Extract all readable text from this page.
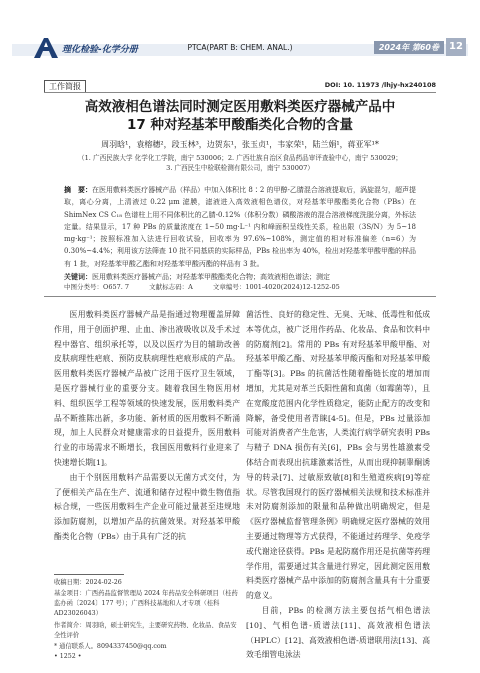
理化检验-化学分册	PTCA(PART B: CHEM. ANAL.)	2024年 第60卷	12
工作简报	DOI: 10. 11973 /lhjy-hx240108
高效液相色谱法同时测定医用敷料类医疗器械产品中
17 种对羟基苯甲酸酯类化合物的含量
周羽晗¹，袁榕穗²，段玉林³，边贺东¹，张玉贞¹，韦家荣¹，陆兰娟¹，蒋亚军¹*
（1. 广西民族大学 化学化工学院，南宁 530006；2. 广西壮族自治区食品药品审评查验中心，南宁 530029；
3. 广西民生中检联检测有限公司，南宁 530007）
摘　要：在医用敷料类医疗器械产品（样品）中加入体积比 8∶2 的甲醇-乙腈混合溶液提取后，涡旋混匀，超声提取，离心分离，上清液过 0.22 μm 滤膜，滤液进入高效液相色谱仪，对羟基苯甲酸酯类化合物（PBs）在 ShimNex CS C₁₈ 色谱柱上用不同体积比的乙腈-0.12%（体积分数）磷酸溶液的混合溶液梯度洗脱分离，外标法定量。结果显示，17 种 PBs 的质量浓度在 1~50 mg·L⁻¹ 内和峰面积呈线性关系，检出限（3S/N）为 5~18 mg·kg⁻¹；按照标准加入法进行回收试验，回收率为 97.6%~108%，测定值的相对标准偏差（n=6）为 0.30%~4.4%；利用该方法筛查 10 批不同基质的实际样品，PBs 检出率为 40%，检出对羟基苯甲酸甲酯的样品有 1 批，对羟基苯甲酸乙酯和对羟基苯甲酸丙酯的样品有 3 批。
关键词：医用敷料类医疗器械产品；对羟基苯甲酸酯类化合物；高效液相色谱法；测定
中图分类号：O657. 7	文献标志码：A	文章编号：1001-4020(2024)12-1252-05

医用敷料类医疗器械产品是指通过物理覆盖屏障作用，用于创面护理、止血、渗出液吸收以及手术过程中器官、组织承托等，以及以医疗为目的辅助改善皮肤病理性疤痕、预防皮肤病理性疤痕形成的产品。医用敷料类医疗器械产品被广泛用于医疗卫生领域，是医疗器械行业的重要分支。随着我国生物医用材料、组织医学工程等领域的快速发展，医用敷料类产品不断推陈出新，多功能、新材质的医用敷料不断涌现，加上人民群众对健康需求的日益提升，医用敷料行业的市场需求不断增长，我国医用敷料行业迎来了快速增长期[1]。

由于个别医用敷料产品需要以无菌方式交付，为了便相关产品在生产、流通和储存过程中微生物值指标合规，一些医用敷料生产企业可能过量甚至违规地添加防腐剂，以增加产品的抗菌效果。对羟基苯甲酸酯类化合物（PBs）由于具有广泛的抗

菌活性、良好的稳定性、无臭、无味、低毒性和低成本等优点，被广泛用作药品、化妆品、食品和饮料中的防腐剂[2]。常用的 PBs 有对羟基苯甲酸甲酯、对羟基苯甲酸乙酯、对羟基苯甲酸丙酯和对羟基苯甲酸丁酯等[3]。PBs 的抗菌活性随着酯链长度的增加而增加，尤其是对革兰氏阳性菌和真菌（如霉菌等），且在宽酸度范围内化学性质稳定，能防止配方的改变和降解，备受使用者青睐[4-5]。但是，PBs 过量添加可能对消费者产生危害，人类流行病学研究表明 PBs 与精子 DNA 损伤有关[6]，PBs 会与男性雄激素受体结合而表现出抗雄激素活性，从而出现抑制睾酮诱导的转录[7]、过敏原致敏[8]和生殖道疾病[9]等症状。尽管我国现行的医疗器械相关法规和技术标准并未对防腐剂添加的限量和品种做出明确规定，但是《医疗器械监督管理条例》明确规定医疗器械的效用主要通过物理等方式获得，不能通过药理学、免疫学或代谢途径获得。PBs 是起防腐作用还是抗菌等药理学作用，需要通过其含量进行界定，因此测定医用敷料类医疗器械产品中添加的防腐剂含量具有十分重要的意义。

目前，PBs 的检测方法主要包括气相色谱法[10]、气相色谱-质谱法[11]、高效液相色谱法（HPLC）[12]、高效液相色谱-质谱联用法[13]、高效毛细管电泳法

收稿日期：2024-02-26
基金项目：广西药品监督管理局 2024 年药品安全科研项目（桂药监办函〔2024〕177 号）；广西科技基地和人才专项（桂科 AD23026043）
作者简介：周羽晗，硕士研究生，主要研究药物、化妆品、食品安全性评价
* 通信联系人。8094337450@qq.com
• 1252 •
